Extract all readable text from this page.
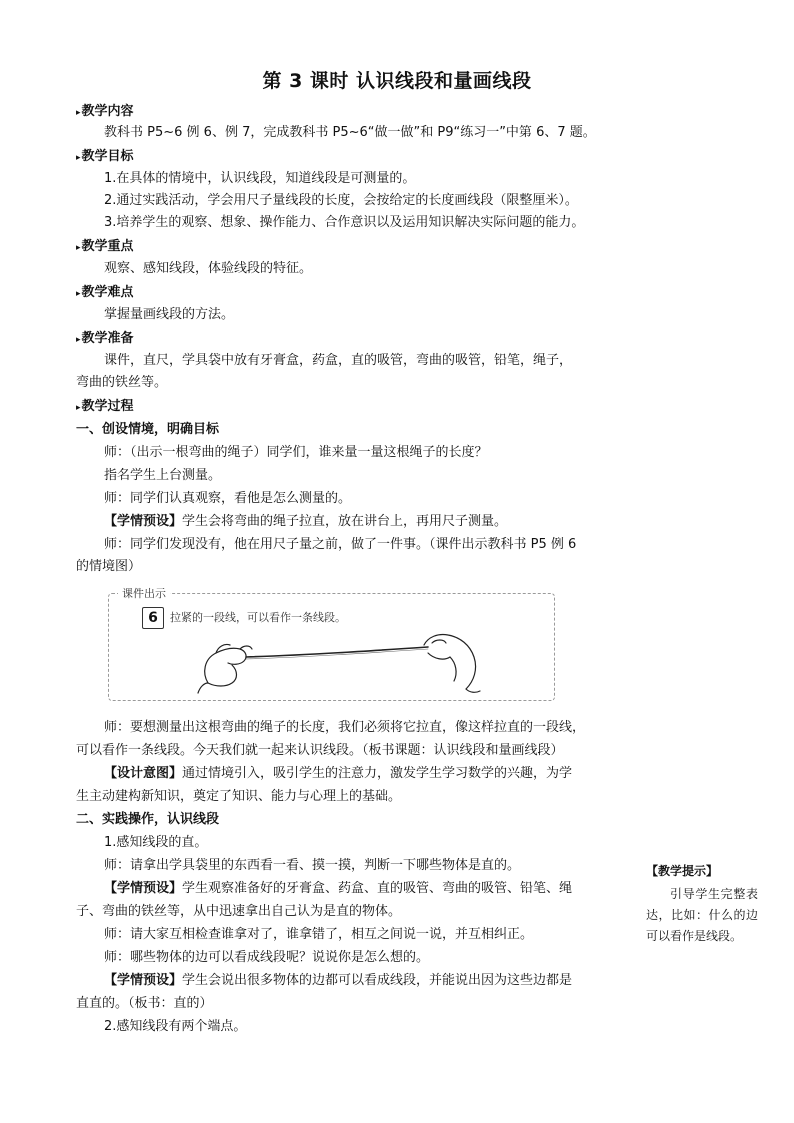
第 3 课时 认识线段和量画线段
▸教学内容
教科书 P5~6 例 6、例 7，完成教科书 P5~6“做一做”和 P9“练习一”中第 6、7 题。
▸教学目标
1.在具体的情境中，认识线段，知道线段是可测量的。
2.通过实践活动，学会用尺子量线段的长度，会按给定的长度画线段（限整厘米）。
3.培养学生的观察、想象、操作能力、合作意识以及运用知识解决实际问题的能力。
▸教学重点
观察、感知线段，体验线段的特征。
▸教学难点
掌握量画线段的方法。
▸教学准备
课件，直尺，学具袋中放有牙膏盒，药盒，直的吸管，弯曲的吸管，铅笔，绳子，
弯曲的铁丝等。
▸教学过程
一、创设情境，明确目标
师：（出示一根弯曲的绳子）同学们，谁来量一量这根绳子的长度？
指名学生上台测量。
师：同学们认真观察，看他是怎么测量的。
【学情预设】学生会将弯曲的绳子拉直，放在讲台上，再用尺子测量。
师：同学们发现没有，他在用尺子量之前，做了一件事。（课件出示教科书 P5 例 6
的情境图）
师：要想测量出这根弯曲的绳子的长度，我们必须将它拉直，像这样拉直的一段线，
可以看作一条线段。今天我们就一起来认识线段。（板书课题：认识线段和量画线段）
【设计意图】通过情境引入，吸引学生的注意力，激发学生学习数学的兴趣，为学
生主动建构新知识，奠定了知识、能力与心理上的基础。
二、实践操作，认识线段
1.感知线段的直。
师：请拿出学具袋里的东西看一看、摸一摸，判断一下哪些物体是直的。
【学情预设】学生观察准备好的牙膏盒、药盒、直的吸管、弯曲的吸管、铅笔、绳
子、弯曲的铁丝等，从中迅速拿出自己认为是直的物体。
师：请大家互相检查谁拿对了，谁拿错了，相互之间说一说，并互相纠正。
师：哪些物体的边可以看成线段呢？说说你是怎么想的。
【学情预设】学生会说出很多物体的边都可以看成线段，并能说出因为这些边都是
直直的。（板书：直的）
2.感知线段有两个端点。
课件出示
6	拉紧的一段线，可以看作一条线段。
【教学提示】
引导学生完整表达，比如：什么的边可以看作是线段。
